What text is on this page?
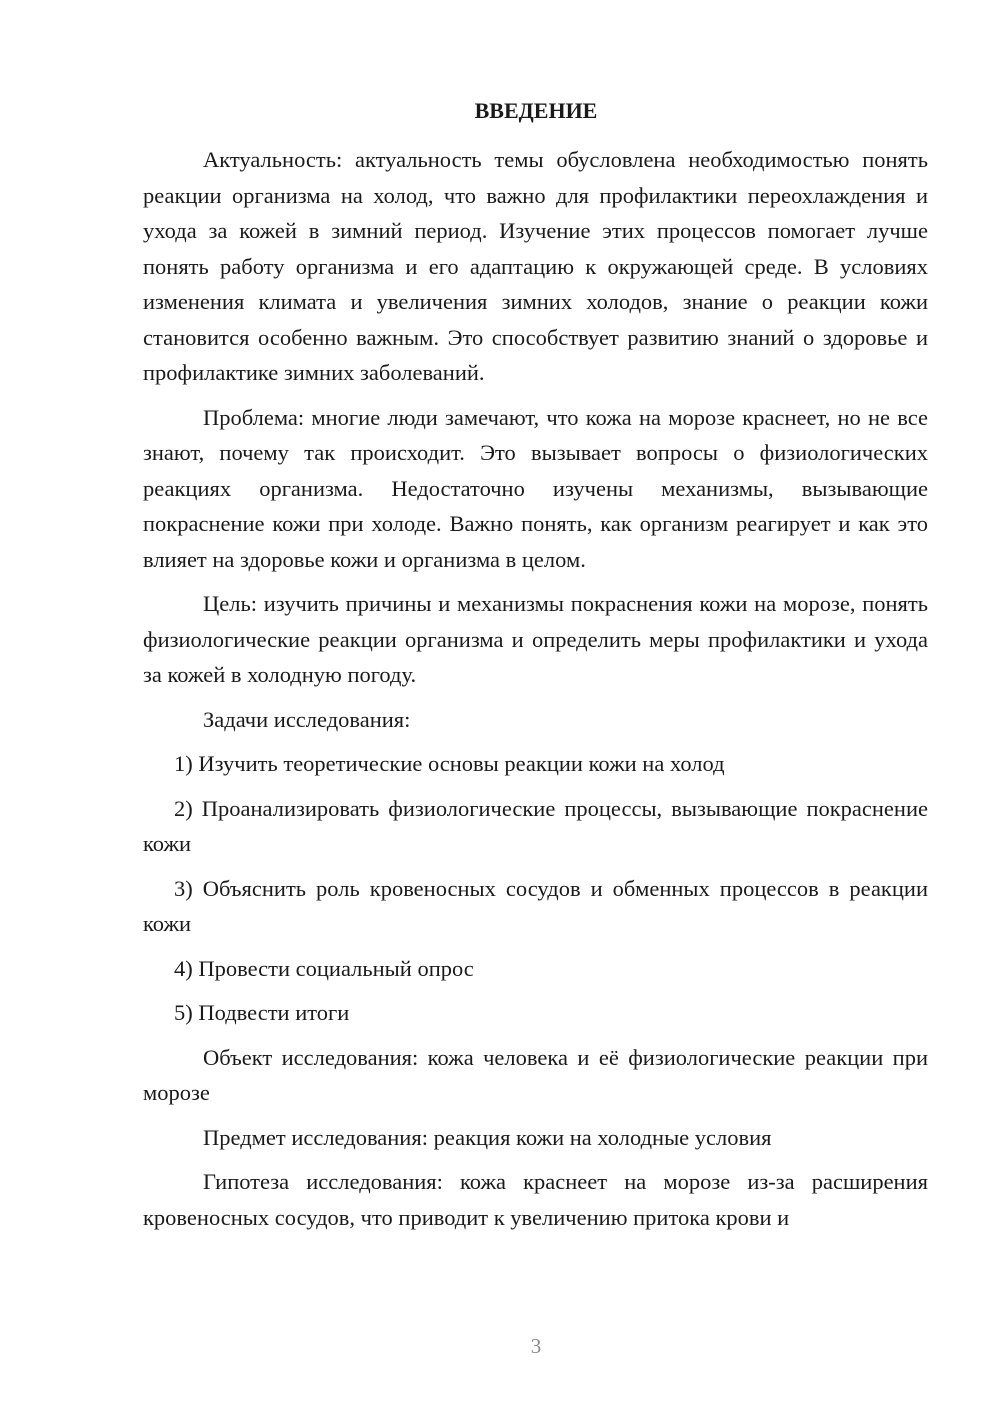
ВВЕДЕНИЕ

Актуальность: актуальность темы обусловлена необходимостью понять реакции организма на холод, что важно для профилактики переохлаждения и ухода за кожей в зимний период. Изучение этих процессов помогает лучше понять работу организма и его адаптацию к окружающей среде. В условиях изменения климата и увеличения зимних холодов, знание о реакции кожи становится особенно важным. Это способствует развитию знаний о здоровье и профилактике зимних заболеваний.

Проблема: многие люди замечают, что кожа на морозе краснеет, но не все знают, почему так происходит. Это вызывает вопросы о физиологических реакциях организма. Недостаточно изучены механизмы, вызывающие покраснение кожи при холоде. Важно понять, как организм реагирует и как это влияет на здоровье кожи и организма в целом.

Цель: изучить причины и механизмы покраснения кожи на морозе, понять физиологические реакции организма и определить меры профилактики и ухода за кожей в холодную погоду.

Задачи исследования:

1) Изучить теоретические основы реакции кожи на холод

2) Проанализировать физиологические процессы, вызывающие покраснение кожи

3) Объяснить роль кровеносных сосудов и обменных процессов в реакции кожи

4) Провести социальный опрос

5) Подвести итоги

Объект исследования: кожа человека и её физиологические реакции при морозе

Предмет исследования: реакция кожи на холодные условия

Гипотеза исследования: кожа краснеет на морозе из-за расширения кровеносных сосудов, что приводит к увеличению притока крови и

3
